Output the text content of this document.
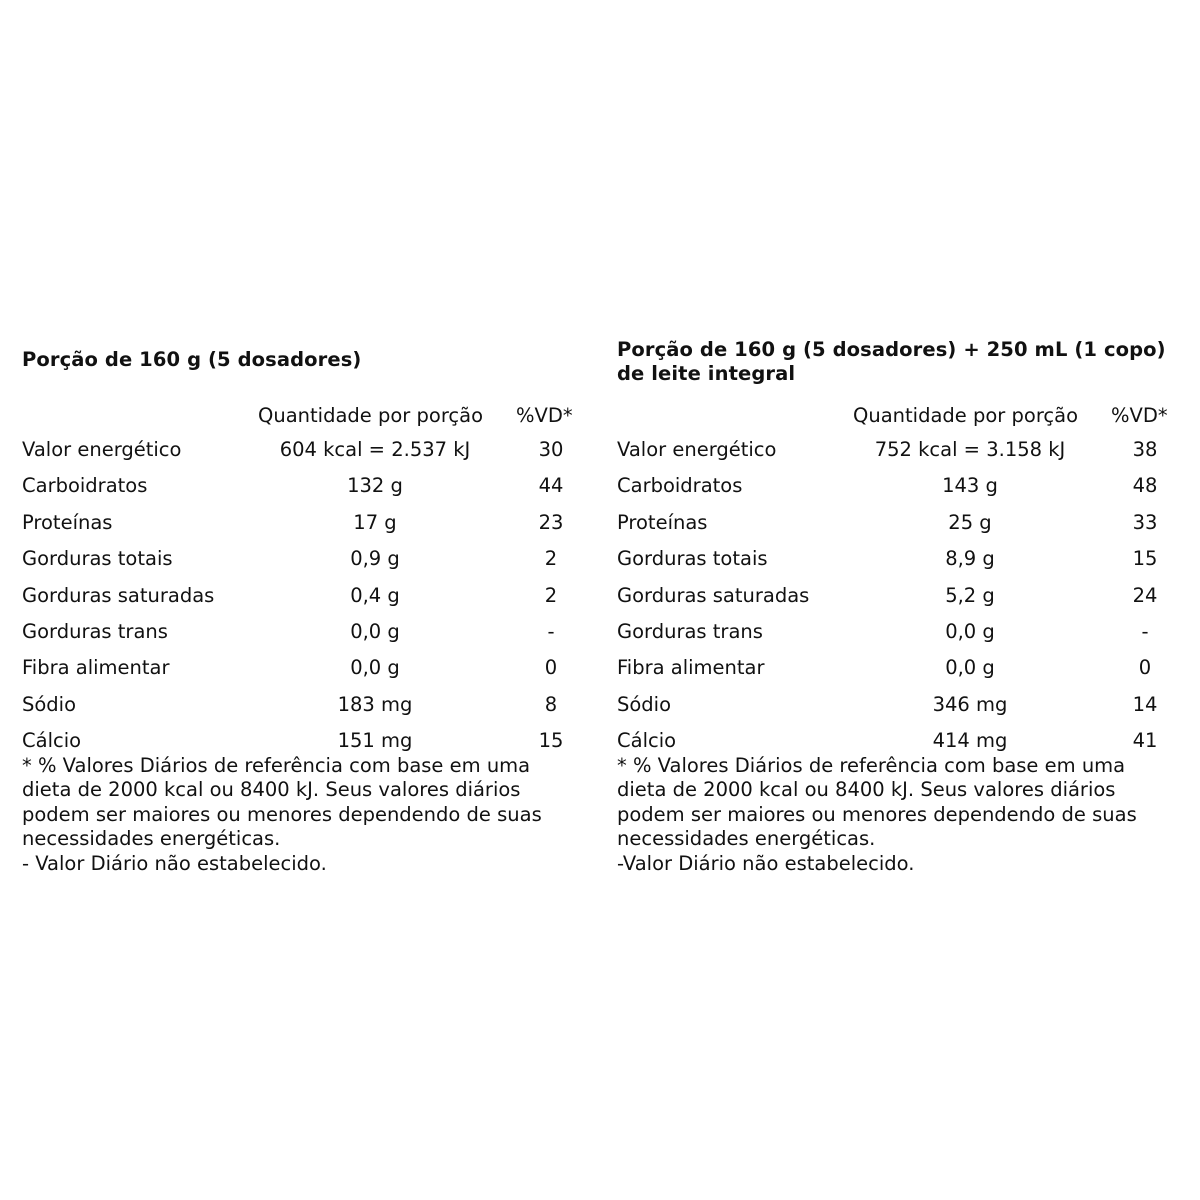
Porção de 160 g (5 dosadores)

Quantidade por porção %VD*
Valor energético	604 kcal = 2.537 kJ	30
Carboidratos	132 g	44
Proteínas	17 g	23
Gorduras totais	0,9 g	2
Gorduras saturadas	0,4 g	2
Gorduras trans	0,0 g	-
Fibra alimentar	0,0 g	0
Sódio	183 mg	8
Cálcio	151 mg	15

* % Valores Diários de referência com base em uma dieta de 2000 kcal ou 8400 kJ. Seus valores diários podem ser maiores ou menores dependendo de suas necessidades energéticas.

- Valor Diário não estabelecido.

Porção de 160 g (5 dosadores) + 250 mL (1 copo) de leite integral

Quantidade por porção %VD*
Valor energético	752 kcal = 3.158 kJ	38
Carboidratos	143 g	48
Proteínas	25 g	33
Gorduras totais	8,9 g	15
Gorduras saturadas	5,2 g	24
Gorduras trans	0,0 g	-
Fibra alimentar	0,0 g	0
Sódio	346 mg	14
Cálcio	414 mg	41

* % Valores Diários de referência com base em uma dieta de 2000 kcal ou 8400 kJ. Seus valores diários podem ser maiores ou menores dependendo de suas necessidades energéticas.

-Valor Diário não estabelecido.
